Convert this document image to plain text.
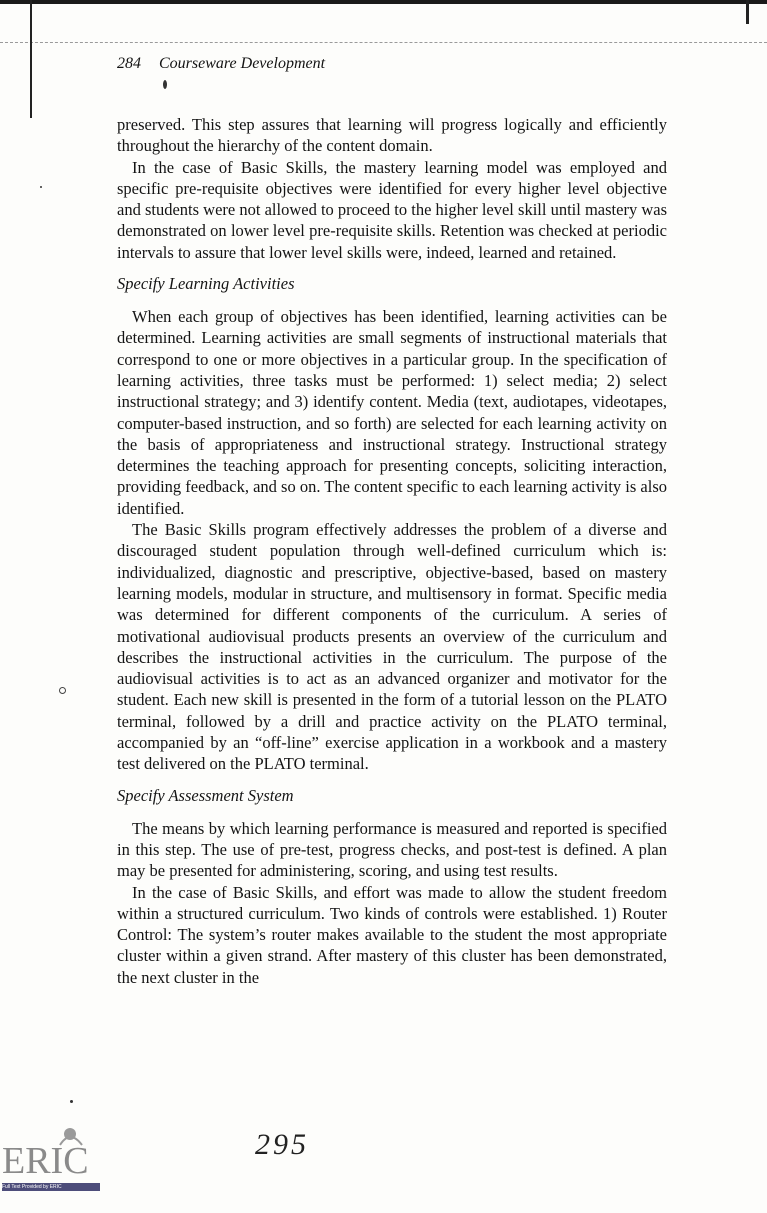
284 Courseware Development

preserved. This step assures that learning will progress logically and efficiently throughout the hierarchy of the content domain.

In the case of Basic Skills, the mastery learning model was employed and specific pre-requisite objectives were identified for every higher level objective and students were not allowed to proceed to the higher level skill until mastery was demonstrated on lower level pre-requisite skills. Retention was checked at periodic intervals to assure that lower level skills were, indeed, learned and retained.

Specify Learning Activities

When each group of objectives has been identified, learning activities can be determined. Learning activities are small segments of instructional materials that correspond to one or more objectives in a particular group. In the specification of learning activities, three tasks must be performed: 1) select media; 2) select instructional strategy; and 3) identify content. Media (text, audiotapes, videotapes, computer-based instruction, and so forth) are selected for each learning activity on the basis of appropriateness and instructional strategy. Instructional strategy determines the teaching approach for presenting concepts, soliciting interaction, providing feedback, and so on. The content specific to each learning activity is also identified.

The Basic Skills program effectively addresses the problem of a diverse and discouraged student population through well-defined curriculum which is: individualized, diagnostic and prescriptive, objective-based, based on mastery learning models, modular in structure, and multisensory in format. Specific media was determined for different components of the curriculum. A series of motivational audiovisual products presents an overview of the curriculum and describes the instructional activities in the curriculum. The purpose of the audiovisual activities is to act as an advanced organizer and motivator for the student. Each new skill is presented in the form of a tutorial lesson on the PLATO terminal, followed by a drill and practice activity on the PLATO terminal, accompanied by an “off-line” exercise application in a workbook and a mastery test delivered on the PLATO terminal.

Specify Assessment System

The means by which learning performance is measured and reported is specified in this step. The use of pre-test, progress checks, and post-test is defined. A plan may be presented for administering, scoring, and using test results.

In the case of Basic Skills, and effort was made to allow the student freedom within a structured curriculum. Two kinds of controls were established. 1) Router Control: The system’s router makes available to the student the most appropriate cluster within a given strand. After mastery of this cluster has been demonstrated, the next cluster in the

295
ERIC
Full Text Provided by ERIC
